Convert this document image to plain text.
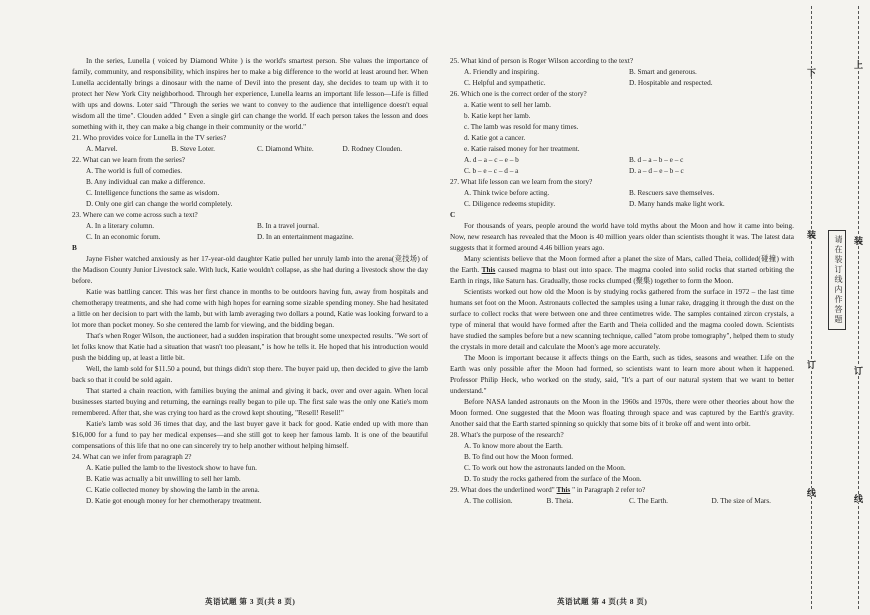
In the series, Lunella ( voiced by Diamond White ) is the world's smartest person. She values the importance of family, community, and responsibility, which inspires her to make a big difference to the world at least around her. When Lunella accidentally brings a dinosaur with the name of Devil into the present day, she decides to team up with it to protect her New York City neighborhood. Through her experience, Lunella learns an important life lesson—Life is filled with ups and downs. Loter said "Through the series we want to convey to the audience that intelligence doesn't equal wisdom all the time". Clouden added " Even a single girl can change the world. If each person takes the lesson and does something with it, they can make a big change in their community or the world."

21. Who provides voice for Lunella in the TV series?

A. Marvel.	B. Steve Loter.	C. Diamond White.	D. Rodney Clouden.

22. What can we learn from the series?

A. The world is full of comedies.

B. Any individual can make a difference.

C. Intelligence functions the same as wisdom.

D. Only one girl can change the world completely.

23. Where can we come across such a text?

A. In a literary column.	B. In a travel journal.
C. In an economic forum.	D. In an entertainment magazine.

B

Jayne Fisher watched anxiously as her 17-year-old daughter Katie pulled her unruly lamb into the arena(竞技场) of the Madison County Junior Livestock sale. With luck, Katie wouldn't collapse, as she had during a livestock show the day before.

Katie was battling cancer. This was her first chance in months to be outdoors having fun, away from hospitals and chemotherapy treatments, and she had come with high hopes for earning some sizable spending money. She had hesitated a little on her decision to part with the lamb, but with lamb averaging two dollars a pound, Katie was looking forward to a lot more than pocket money. So she centered the lamb for viewing, and the bidding began.

That's when Roger Wilson, the auctioneer, had a sudden inspiration that brought some unexpected results. "We sort of let folks know that Katie had a situation that wasn't too pleasant," is how he tells it. He hoped that his introduction would push the bidding up, at least a little bit.

Well, the lamb sold for $11.50 a pound, but things didn't stop there. The buyer paid up, then decided to give the lamb back so that it could be sold again.

That started a chain reaction, with families buying the animal and giving it back, over and over again. When local businesses started buying and returning, the earnings really began to pile up. The first sale was the only one Katie's mom remembered. After that, she was crying too hard as the crowd kept shouting, "Resell! Resell!"

Katie's lamb was sold 36 times that day, and the last buyer gave it back for good. Katie ended up with more than $16,000 for a fund to pay her medical expenses—and she still got to keep her famous lamb. It is one of the beautiful compensations of this life that no one can sincerely try to help another without helping himself.

24. What can we infer from paragraph 2?

A. Katie pulled the lamb to the livestock show to have fun.

B. Katie was actually a bit unwilling to sell her lamb.

C. Katie collected money by showing the lamb in the arena.

D. Katie got enough money for her chemotherapy treatment.

25. What kind of person is Roger Wilson according to the text?

A. Friendly and inspiring.	B. Smart and generous.
C. Helpful and sympathetic.	D. Hospitable and respected.

26. Which one is the correct order of the story?

a. Katie went to sell her lamb.

b. Katie kept her lamb.

c. The lamb was resold for many times.

d. Katie got a cancer.

e. Katie raised money for her treatment.

A. d – a – c – e – b	B. d – a – b – e – c
C. b – e – c – d – a	D. a – d – e – b – c

27. What life lesson can we learn from the story?

A. Think twice before acting.	B. Rescuers save themselves.
C. Diligence redeems stupidity.	D. Many hands make light work.

C

For thousands of years, people around the world have told myths about the Moon and how it came into being. Now, new research has revealed that the Moon is 40 million years older than scientists thought it was. The latest data suggests that it formed around 4.46 billion years ago.

Many scientists believe that the Moon formed after a planet the size of Mars, called Theia, collided(碰撞) with the Earth. This caused magma to blast out into space. The magma cooled into solid rocks that started orbiting the Earth in rings, like Saturn has. Gradually, those rocks clumped (聚集) together to form the Moon.

Scientists worked out how old the Moon is by studying rocks gathered from the surface in 1972 – the last time humans set foot on the Moon. Astronauts collected the samples using a lunar rake, dragging it through the dust on the surface to collect rocks that were between one and three centimetres wide. The samples contained zircon crystals, a type of mineral that would have formed after the Earth and Theia collided and the magma cooled down. Scientists have studied the samples before but a new scanning technique, called "atom probe tomography", helped them to study the crystals in more detail and calculate the Moon's age more accurately.

The Moon is important because it affects things on the Earth, such as tides, seasons and weather. Life on the Earth was only possible after the Moon had formed, so scientists want to learn more about when it happened. Professor Philip Heck, who worked on the study, said, "It's a part of our natural system that we want to better understand."

Before NASA landed astronauts on the Moon in the 1960s and 1970s, there were other theories about how the Moon formed. One suggested that the Moon was floating through space and was captured by the Earth's gravity. Another said that the Earth started spinning so quickly that some bits of it broke off and went into orbit.

28. What's the purpose of the research?

A. To know more about the Earth.

B. To find out how the Moon formed.

C. To work out how the astronauts landed on the Moon.

D. To study the rocks gathered from the surface of the Moon.

29. What does the underlined word" This " in Paragraph 2 refer to?

A. The collision.	B. Theia.	C. The Earth.	D. The size of Mars.
英语试题 第 3 页(共 8 页)	英语试题 第 4 页(共 8 页)
上
下
装
装
订
订
线
线
请在装订线内作答题
